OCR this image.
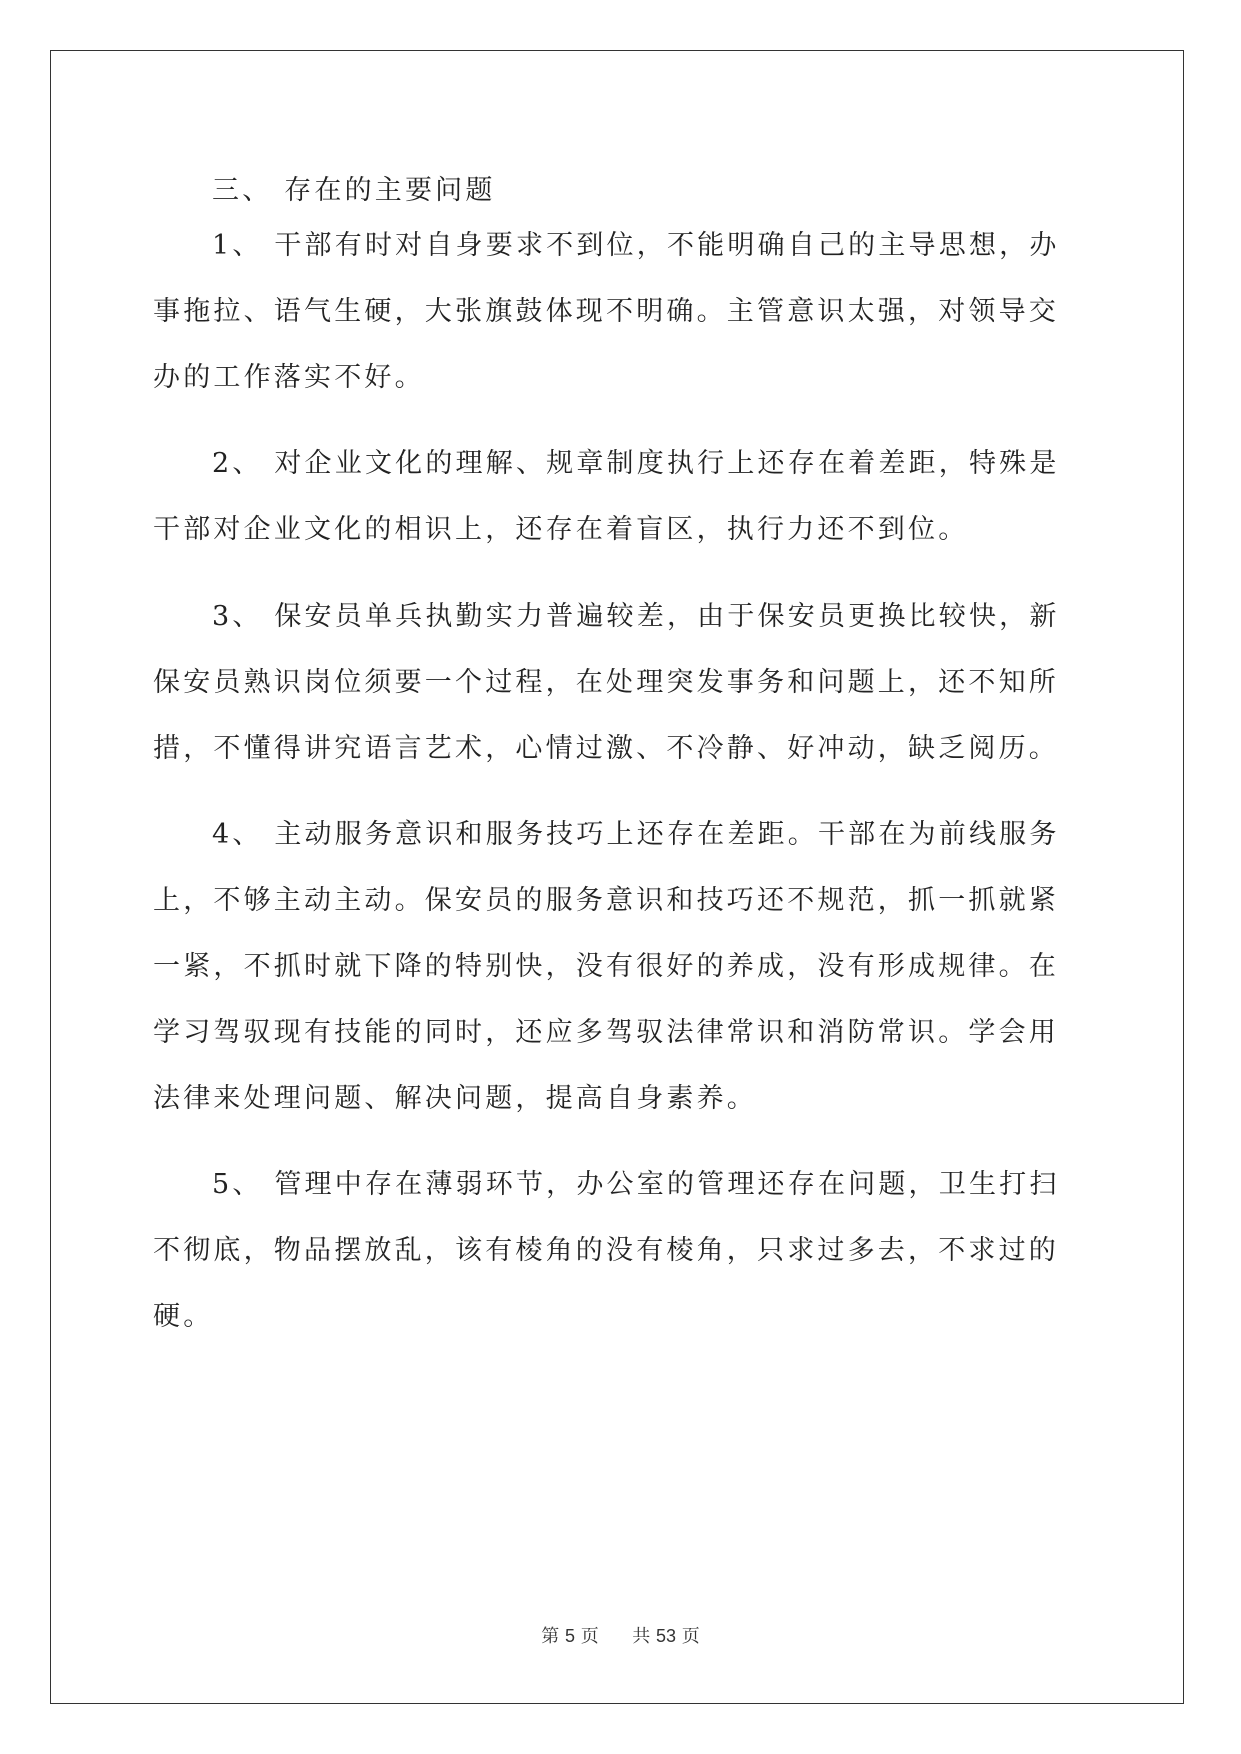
三、 存在的主要问题
1、 干部有时对自身要求不到位，不能明确自己的主导思想，办
事拖拉、语气生硬，大张旗鼓体现不明确。主管意识太强，对领导交
办的工作落实不好。
2、 对企业文化的理解、规章制度执行上还存在着差距，特殊是
干部对企业文化的相识上，还存在着盲区，执行力还不到位。
3、 保安员单兵执勤实力普遍较差，由于保安员更换比较快，新
保安员熟识岗位须要一个过程，在处理突发事务和问题上，还不知所
措，不懂得讲究语言艺术，心情过激、不冷静、好冲动，缺乏阅历。
4、 主动服务意识和服务技巧上还存在差距。干部在为前线服务
上，不够主动主动。保安员的服务意识和技巧还不规范，抓一抓就紧
一紧，不抓时就下降的特别快，没有很好的养成，没有形成规律。在
学习驾驭现有技能的同时，还应多驾驭法律常识和消防常识。学会用
法律来处理问题、解决问题，提高自身素养。
5、 管理中存在薄弱环节，办公室的管理还存在问题，卫生打扫
不彻底，物品摆放乱，该有棱角的没有棱角，只求过多去，不求过的
硬。
第 5 页 共 53 页
